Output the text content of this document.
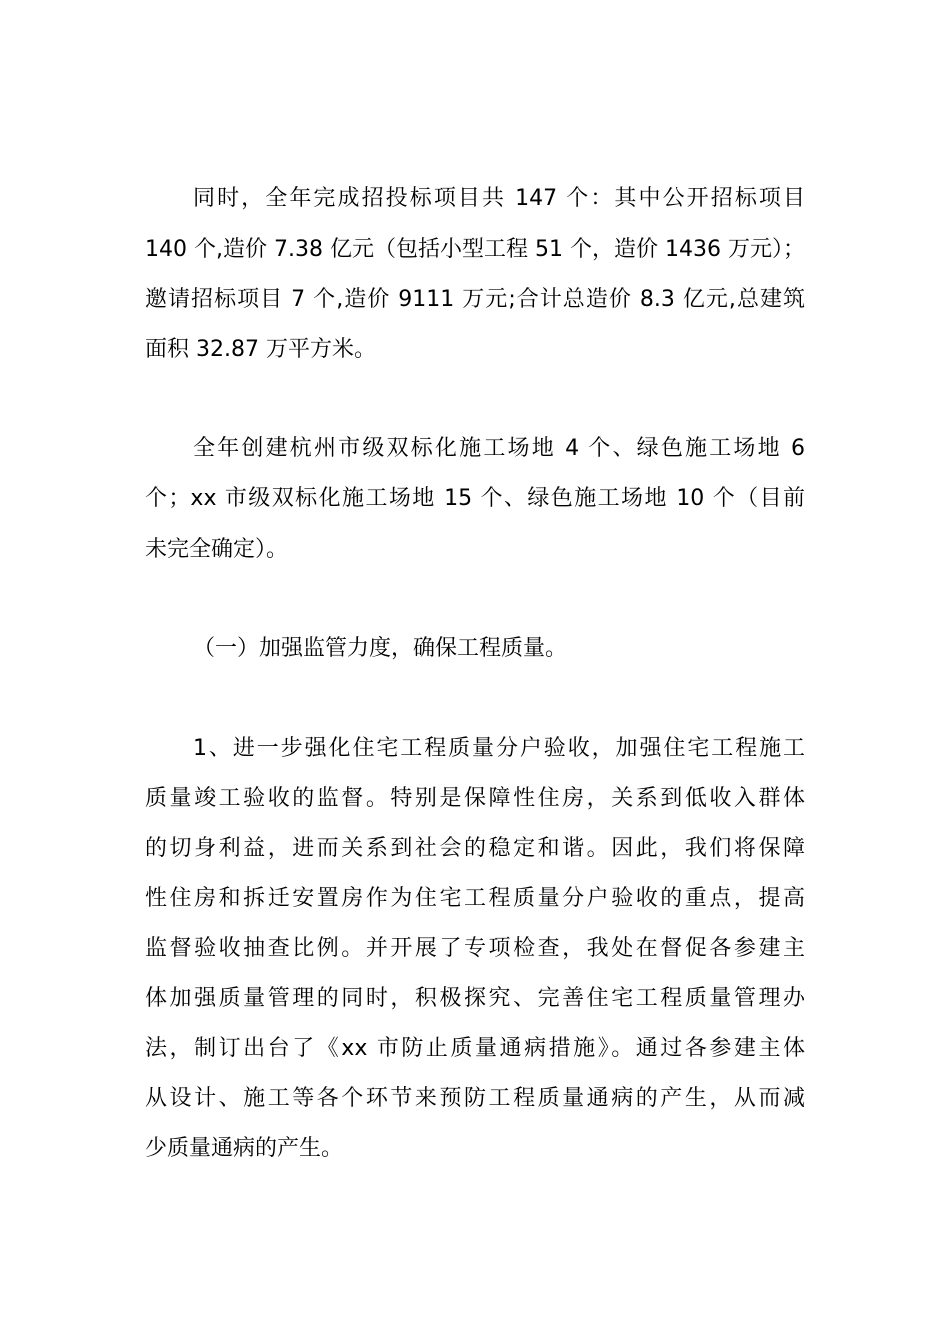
同时，全年完成招投标项目共 147 个：其中公开招标项目
140 个,造价 7.38 亿元（包括小型工程 51 个，造价 1436 万元）；
邀请招标项目 7 个,造价 9111 万元;合计总造价 8.3 亿元,总建筑
面积 32.87 万平方米。
全年创建杭州市级双标化施工场地 4 个、绿色施工场地 6
个；xx 市级双标化施工场地 15 个、绿色施工场地 10 个（目前
未完全确定）。
（一）加强监管力度，确保工程质量。
1、进一步强化住宅工程质量分户验收，加强住宅工程施工
质量竣工验收的监督。特别是保障性住房，关系到低收入群体
的切身利益，进而关系到社会的稳定和谐。因此，我们将保障
性住房和拆迁安置房作为住宅工程质量分户验收的重点，提高
监督验收抽查比例。并开展了专项检查，我处在督促各参建主
体加强质量管理的同时，积极探究、完善住宅工程质量管理办
法，制订出台了《xx 市防止质量通病措施》。通过各参建主体
从设计、施工等各个环节来预防工程质量通病的产生，从而减
少质量通病的产生。
